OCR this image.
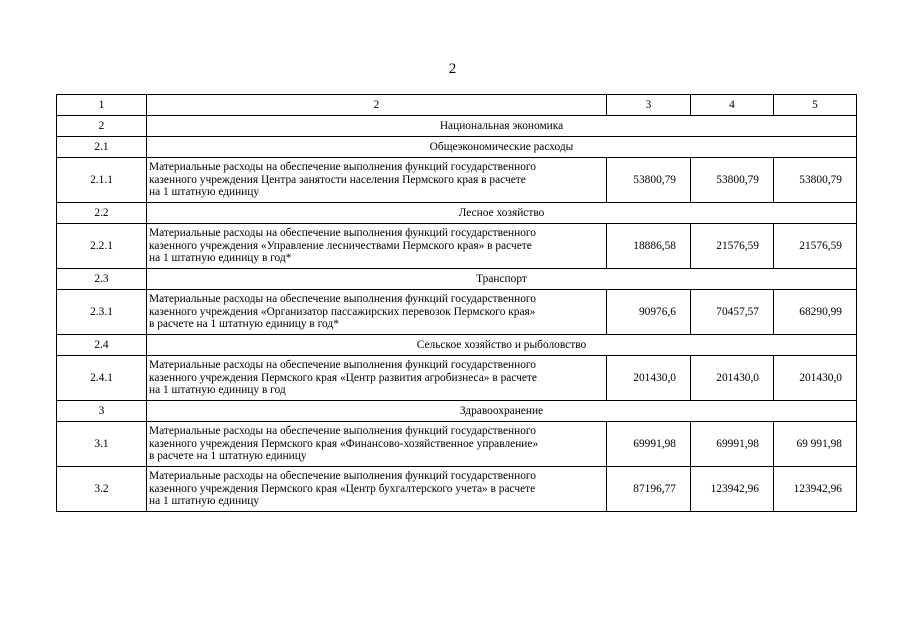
2
1	2	3	4	5
2	Национальная экономика			
2.1	Общеэкономические расходы			
2.1.1	Материальные расходы на обеспечение выполнения функций государственного
казенного учреждения Центра занятости населения Пермского края в расчете
на 1 штатную единицу	53800,79	53800,79	53800,79
2.2	Лесное хозяйство			
2.2.1	Материальные расходы на обеспечение выполнения функций государственного
казенного учреждения «Управление лесничествами Пермского края» в расчете
на 1 штатную единицу в год*	18886,58	21576,59	21576,59
2.3	Транспорт			
2.3.1	Материальные расходы на обеспечение выполнения функций государственного
казенного учреждения «Организатор пассажирских перевозок Пермского края»
в расчете на 1 штатную единицу в год*	90976,6	70457,57	68290,99
2.4	Сельское хозяйство и рыболовство			
2.4.1	Материальные расходы на обеспечение выполнения функций государственного
казенного учреждения Пермского края «Центр развития агробизнеса» в расчете
на 1 штатную единицу в год	201430,0	201430,0	201430,0
3	Здравоохранение			
3.1	Материальные расходы на обеспечение выполнения функций государственного
казенного учреждения Пермского края «Финансово-хозяйственное управление»
в расчете на 1 штатную единицу	69991,98	69991,98	69 991,98
3.2	Материальные расходы на обеспечение выполнения функций государственного
казенного учреждения Пермского края «Центр бухгалтерского учета» в расчете
на 1 штатную единицу	87196,77	123942,96	123942,96
